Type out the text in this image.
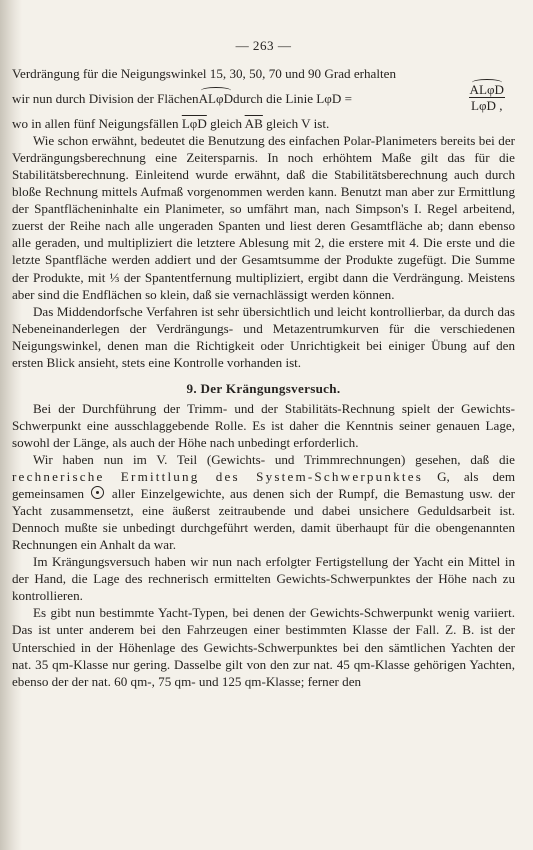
— 263 —

Verdrängung für die Neigungswinkel 15, 30, 50, 70 und 90 Grad erhalten

wir nun durch Division der Flächen ALφD durch die Linie LφD =	$\frac{\text{ALφD}}{\text{LφD ,}}$

wo in allen fünf Neigungsfällen $\overline{L\varphi D}$ gleich $\overline{AB}$ gleich V ist.

Wie schon erwähnt, bedeutet die Benutzung des einfachen Polar-Planimeters bereits bei der Verdrängungsberechnung eine Zeitersparnis. In noch erhöhtem Maße gilt das für die Stabilitätsberechnung. Einleitend wurde erwähnt, daß die Stabilitätsberechnung auch durch bloße Rechnung mittels Aufmaß vorgenommen werden kann. Benutzt man aber zur Ermittlung der Spantflächeninhalte ein Planimeter, so umfährt man, nach Simpson's I. Regel arbeitend, zuerst der Reihe nach alle ungeraden Spanten und liest deren Gesamtfläche ab; dann ebenso alle geraden, und multipliziert die letztere Ablesung mit 2, die erstere mit 4. Die erste und die letzte Spantfläche werden addiert und der Gesamtsumme der Produkte zugefügt. Die Summe der Produkte, mit ⅓ der Spantentfernung multipliziert, ergibt dann die Verdrängung. Meistens aber sind die Endflächen so klein, daß sie vernachlässigt werden können.

Das Middendorfsche Verfahren ist sehr übersichtlich und leicht kontrollierbar, da durch das Nebeneinanderlegen der Verdrängungs- und Metazentrumkurven für die verschiedenen Neigungswinkel, denen man die Richtigkeit oder Unrichtigkeit bei einiger Übung auf den ersten Blick ansieht, stets eine Kontrolle vorhanden ist.

9. Der Krängungsversuch.

Bei der Durchführung der Trimm- und der Stabilitäts-Rechnung spielt der Gewichts-Schwerpunkt eine ausschlaggebende Rolle. Es ist daher die Kenntnis seiner genauen Lage, sowohl der Länge, als auch der Höhe nach unbedingt erforderlich.

Wir haben nun im V. Teil (Gewichts- und Trimmrechnungen) gesehen, daß die rechnerische Ermittlung des System-Schwerpunktes G, als dem gemeinsamen  aller Einzelgewichte, aus denen sich der Rumpf, die Bemastung usw. der Yacht zusammensetzt, eine äußerst zeitraubende und dabei unsichere Geduldsarbeit ist. Dennoch mußte sie unbedingt durchgeführt werden, damit überhaupt für die obengenannten Rechnungen ein Anhalt da war.

Im Krängungsversuch haben wir nun nach erfolgter Fertigstellung der Yacht ein Mittel in der Hand, die Lage des rechnerisch ermittelten Gewichts-Schwerpunktes der Höhe nach zu kontrollieren.

Es gibt nun bestimmte Yacht-Typen, bei denen der Gewichts-Schwerpunkt wenig variiert. Das ist unter anderem bei den Fahrzeugen einer bestimmten Klasse der Fall. Z. B. ist der Unterschied in der Höhenlage des Gewichts-Schwerpunktes bei den sämtlichen Yachten der nat. 35 qm-Klasse nur gering. Dasselbe gilt von den zur nat. 45 qm-Klasse gehörigen Yachten, ebenso der der nat. 60 qm-, 75 qm- und 125 qm-Klasse; ferner den
